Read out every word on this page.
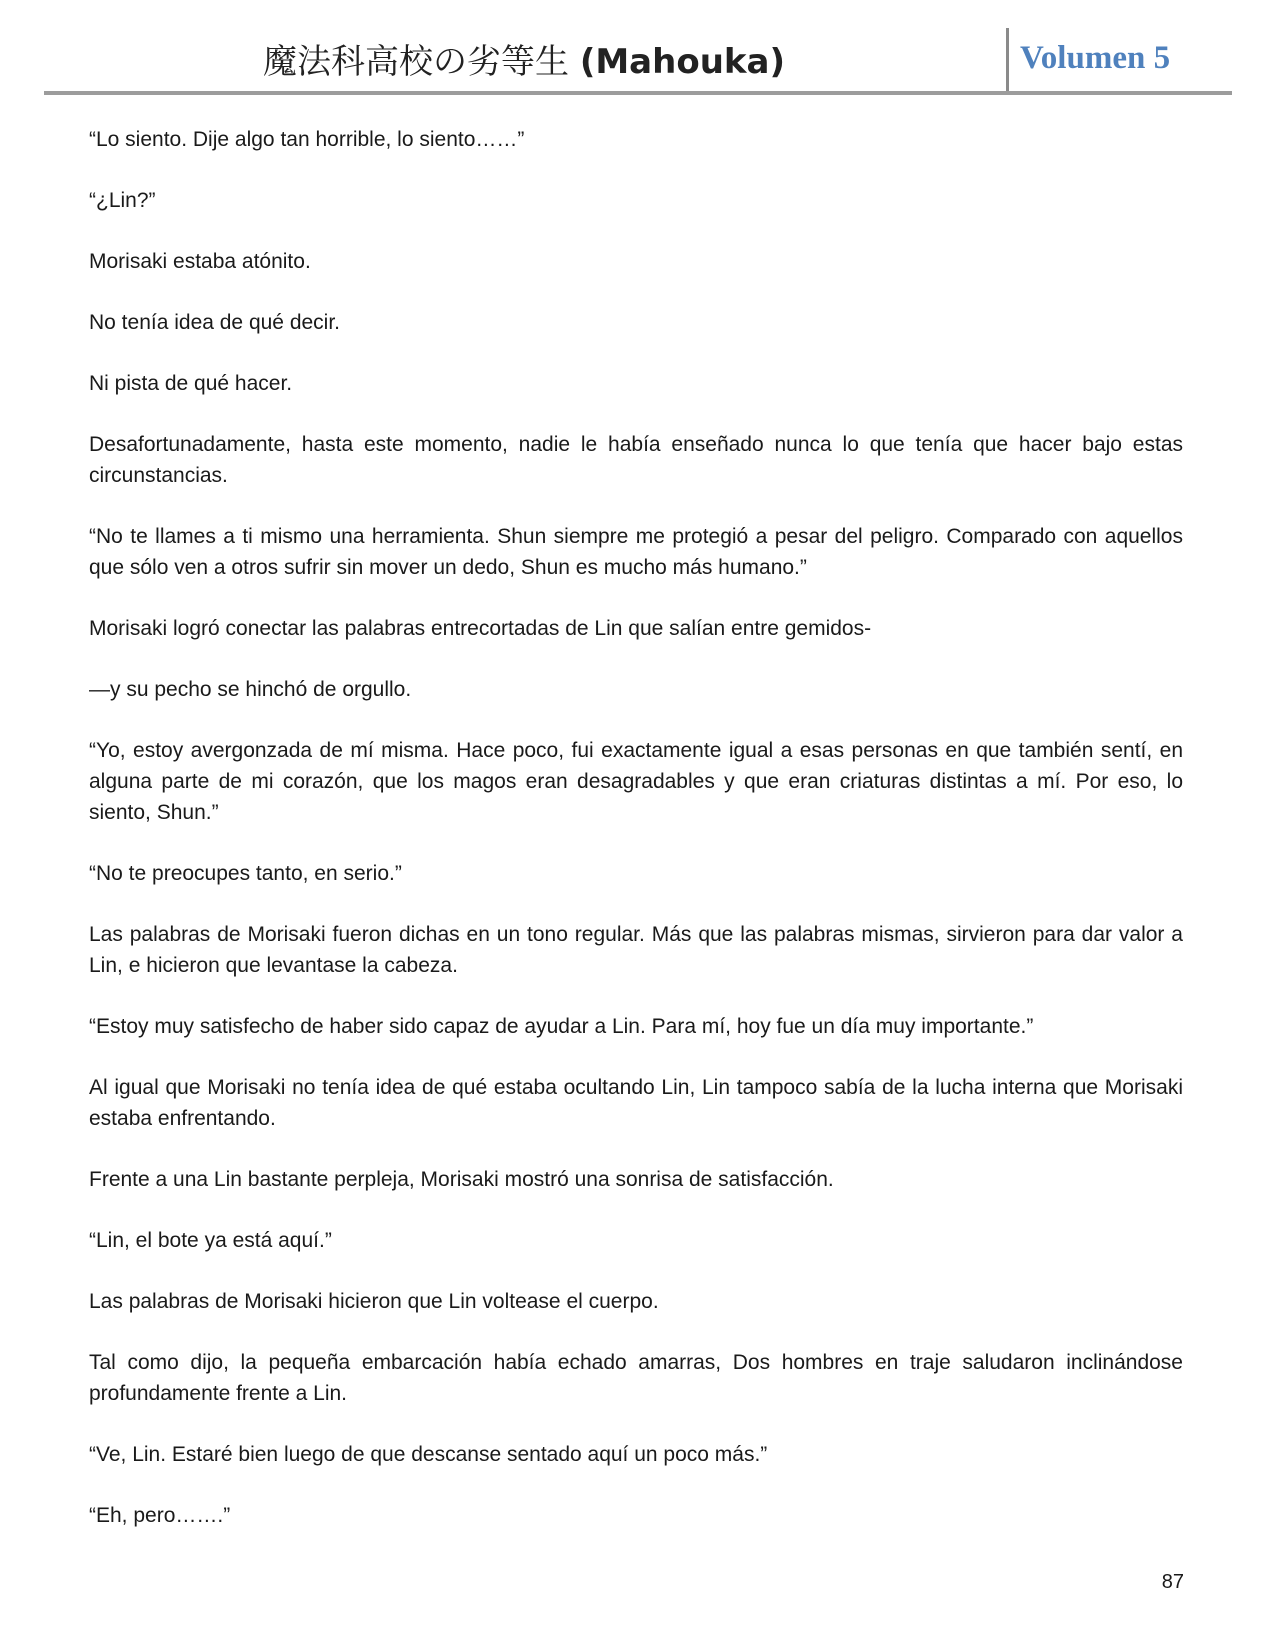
魔法科高校の劣等生 (Mahouka)	Volumen 5

“Lo siento. Dije algo tan horrible, lo siento……”

“¿Lin?”

Morisaki estaba atónito.

No tenía idea de qué decir.

Ni pista de qué hacer.

Desafortunadamente, hasta este momento, nadie le había enseñado nunca lo que tenía que hacer bajo estas circunstancias.

“No te llames a ti mismo una herramienta. Shun siempre me protegió a pesar del peligro. Comparado con aquellos que sólo ven a otros sufrir sin mover un dedo, Shun es mucho más humano.”

Morisaki logró conectar las palabras entrecortadas de Lin que salían entre gemidos-

—y su pecho se hinchó de orgullo.

“Yo, estoy avergonzada de mí misma. Hace poco, fui exactamente igual a esas personas en que también sentí, en alguna parte de mi corazón, que los magos eran desagradables y que eran criaturas distintas a mí. Por eso, lo siento, Shun.”

“No te preocupes tanto, en serio.”

Las palabras de Morisaki fueron dichas en un tono regular. Más que las palabras mismas, sirvieron para dar valor a Lin, e hicieron que levantase la cabeza.

“Estoy muy satisfecho de haber sido capaz de ayudar a Lin. Para mí, hoy fue un día muy importante.”

Al igual que Morisaki no tenía idea de qué estaba ocultando Lin, Lin tampoco sabía de la lucha interna que Morisaki estaba enfrentando.

Frente a una Lin bastante perpleja, Morisaki mostró una sonrisa de satisfacción.

“Lin, el bote ya está aquí.”

Las palabras de Morisaki hicieron que Lin voltease el cuerpo.

Tal como dijo, la pequeña embarcación había echado amarras, Dos hombres en traje saludaron inclinándose profundamente frente a Lin.

“Ve, Lin. Estaré bien luego de que descanse sentado aquí un poco más.”

“Eh, pero…….”

87
